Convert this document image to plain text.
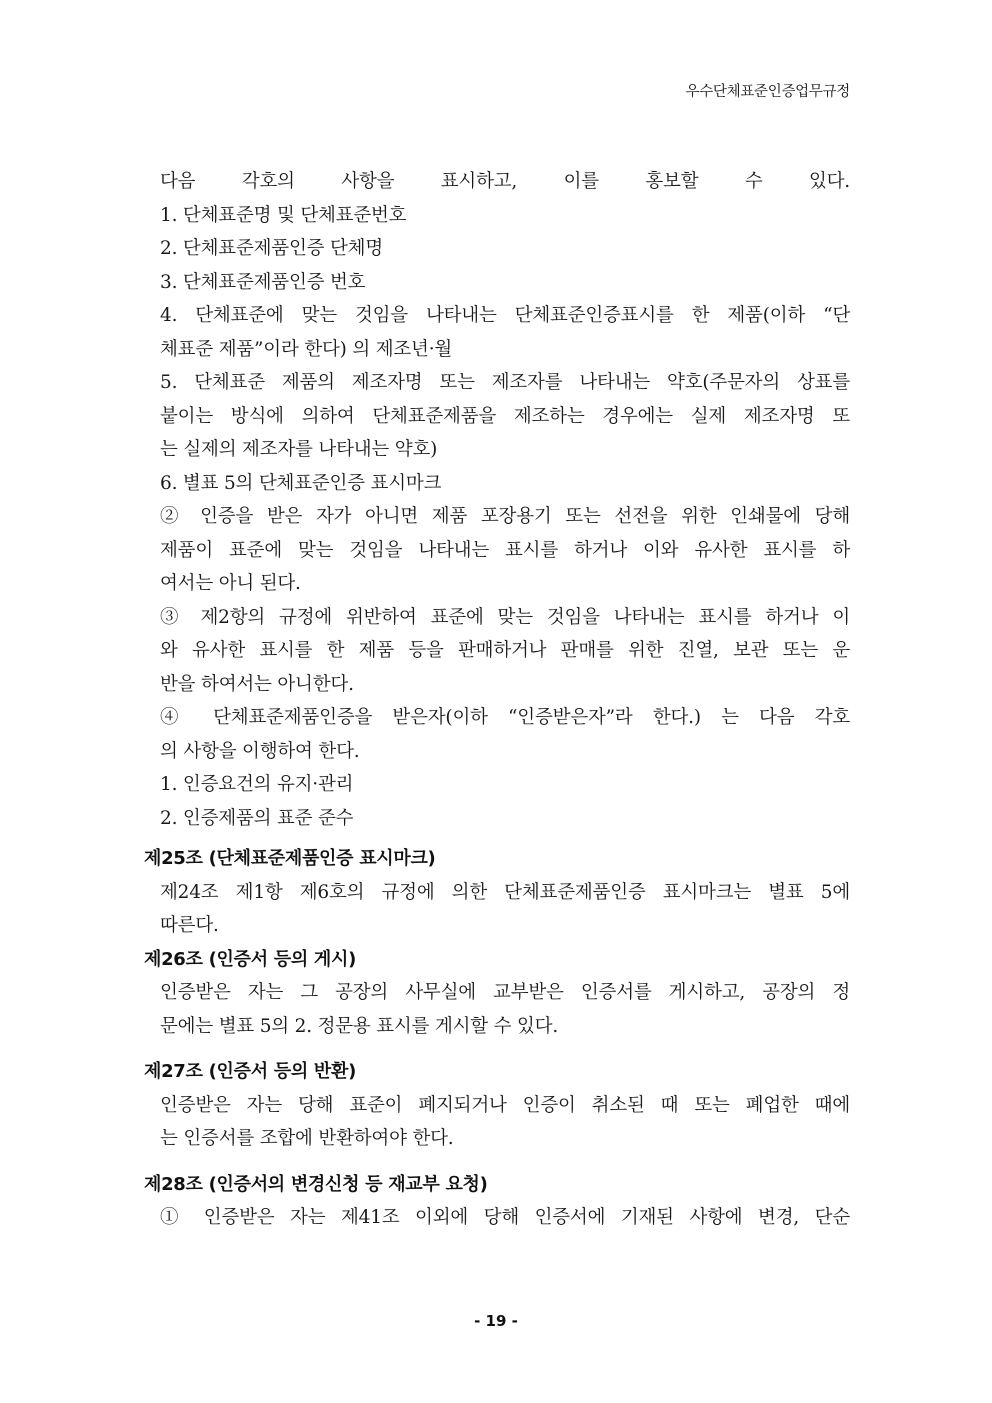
우수단체표준인증업무규정
다음 각호의 사항을 표시하고, 이를 홍보할 수 있다.
1. 단체표준명 및 단체표준번호
2. 단체표준제품인증 단체명
3. 단체표준제품인증 번호
4. 단체표준에 맞는 것임을 나타내는 단체표준인증표시를 한 제품(이하 “단
체표준 제품”이라 한다) 의 제조년·월
5. 단체표준 제품의 제조자명 또는 제조자를 나타내는 약호(주문자의 상표를
붙이는 방식에 의하여 단체표준제품을 제조하는 경우에는 실제 제조자명 또
는 실제의 제조자를 나타내는 약호)
6. 별표 5의 단체표준인증 표시마크
② 인증을 받은 자가 아니면 제품 포장용기 또는 선전을 위한 인쇄물에 당해
제품이 표준에 맞는 것임을 나타내는 표시를 하거나 이와 유사한 표시를 하
여서는 아니 된다.
③ 제2항의 규정에 위반하여 표준에 맞는 것임을 나타내는 표시를 하거나 이
와 유사한 표시를 한 제품 등을 판매하거나 판매를 위한 진열, 보관 또는 운
반을 하여서는 아니한다.
④ 단체표준제품인증을 받은자(이하 “인증받은자”라 한다.) 는 다음 각호
의 사항을 이행하여 한다.
1. 인증요건의 유지·관리
2. 인증제품의 표준 준수
제25조 (단체표준제품인증 표시마크)
제24조 제1항 제6호의 규정에 의한 단체표준제품인증 표시마크는 별표 5에
따른다.
제26조 (인증서 등의 게시)
인증받은 자는 그 공장의 사무실에 교부받은 인증서를 게시하고, 공장의 정
문에는 별표 5의 2. 정문용 표시를 게시할 수 있다.
제27조 (인증서 등의 반환)
인증받은 자는 당해 표준이 폐지되거나 인증이 취소된 때 또는 폐업한 때에
는 인증서를 조합에 반환하여야 한다.
제28조 (인증서의 변경신청 등 재교부 요청)
① 인증받은 자는 제41조 이외에 당해 인증서에 기재된 사항에 변경, 단순
- 19 -
